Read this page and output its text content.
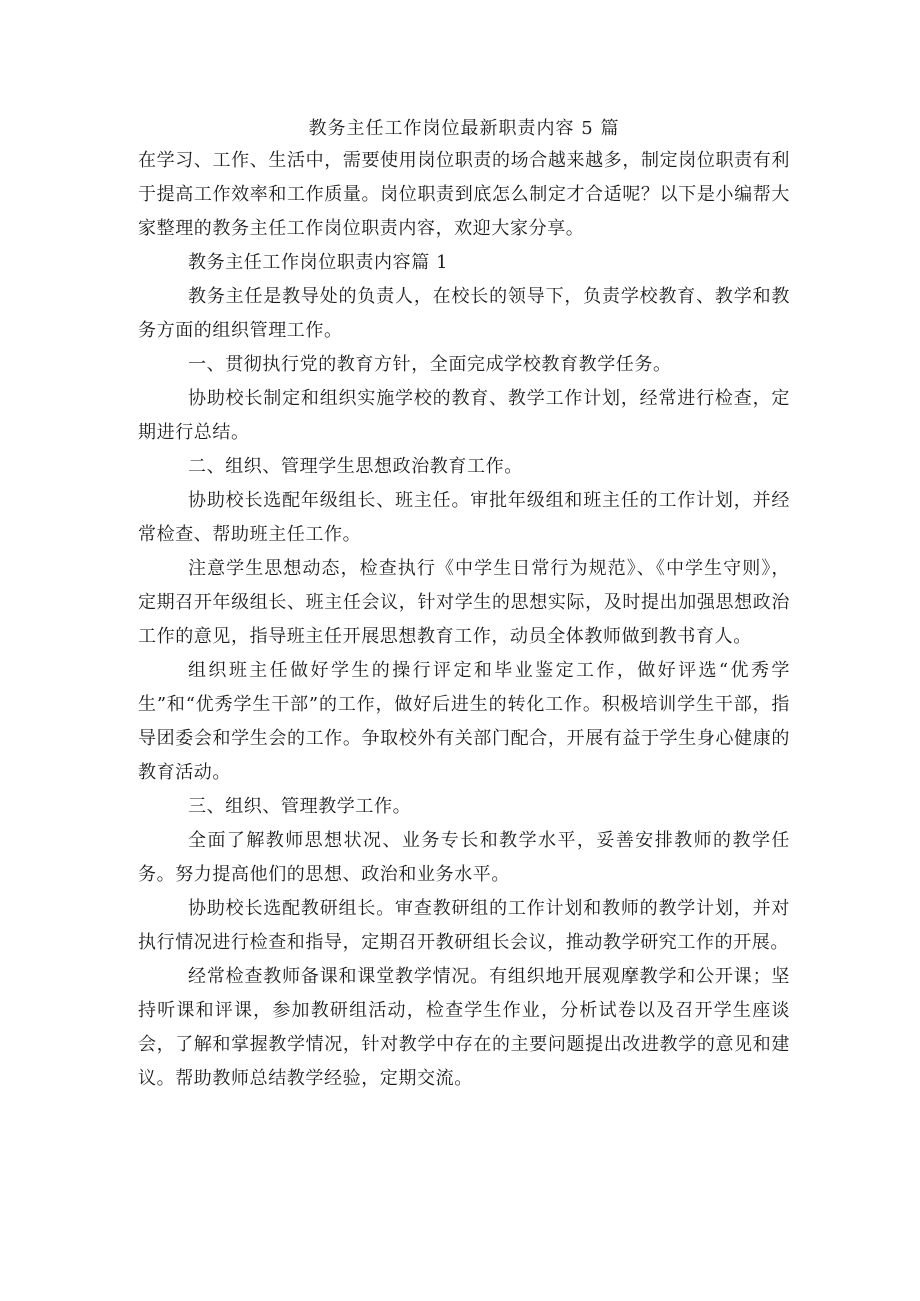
教务主任工作岗位最新职责内容 5 篇

在学习、工作、生活中，需要使用岗位职责的场合越来越多，制定岗位职责有利于提高工作效率和工作质量。岗位职责到底怎么制定才合适呢？以下是小编帮大家整理的教务主任工作岗位职责内容，欢迎大家分享。

教务主任工作岗位职责内容篇 1

教务主任是教导处的负责人，在校长的领导下，负责学校教育、教学和教务方面的组织管理工作。

一、贯彻执行党的教育方针，全面完成学校教育教学任务。

协助校长制定和组织实施学校的教育、教学工作计划，经常进行检查，定期进行总结。

二、组织、管理学生思想政治教育工作。

协助校长选配年级组长、班主任。审批年级组和班主任的工作计划，并经常检查、帮助班主任工作。

注意学生思想动态，检查执行《中学生日常行为规范》、《中学生守则》，定期召开年级组长、班主任会议，针对学生的思想实际，及时提出加强思想政治工作的意见，指导班主任开展思想教育工作，动员全体教师做到教书育人。

组织班主任做好学生的操行评定和毕业鉴定工作，做好评选“优秀学生”和“优秀学生干部”的工作，做好后进生的转化工作。积极培训学生干部，指导团委会和学生会的工作。争取校外有关部门配合，开展有益于学生身心健康的教育活动。

三、组织、管理教学工作。

全面了解教师思想状况、业务专长和教学水平，妥善安排教师的教学任务。努力提高他们的思想、政治和业务水平。

协助校长选配教研组长。审查教研组的工作计划和教师的教学计划，并对执行情况进行检查和指导，定期召开教研组长会议，推动教学研究工作的开展。

经常检查教师备课和课堂教学情况。有组织地开展观摩教学和公开课；坚持听课和评课，参加教研组活动，检查学生作业，分析试卷以及召开学生座谈会，了解和掌握教学情况，针对教学中存在的主要问题提出改进教学的意见和建议。帮助教师总结教学经验，定期交流。
